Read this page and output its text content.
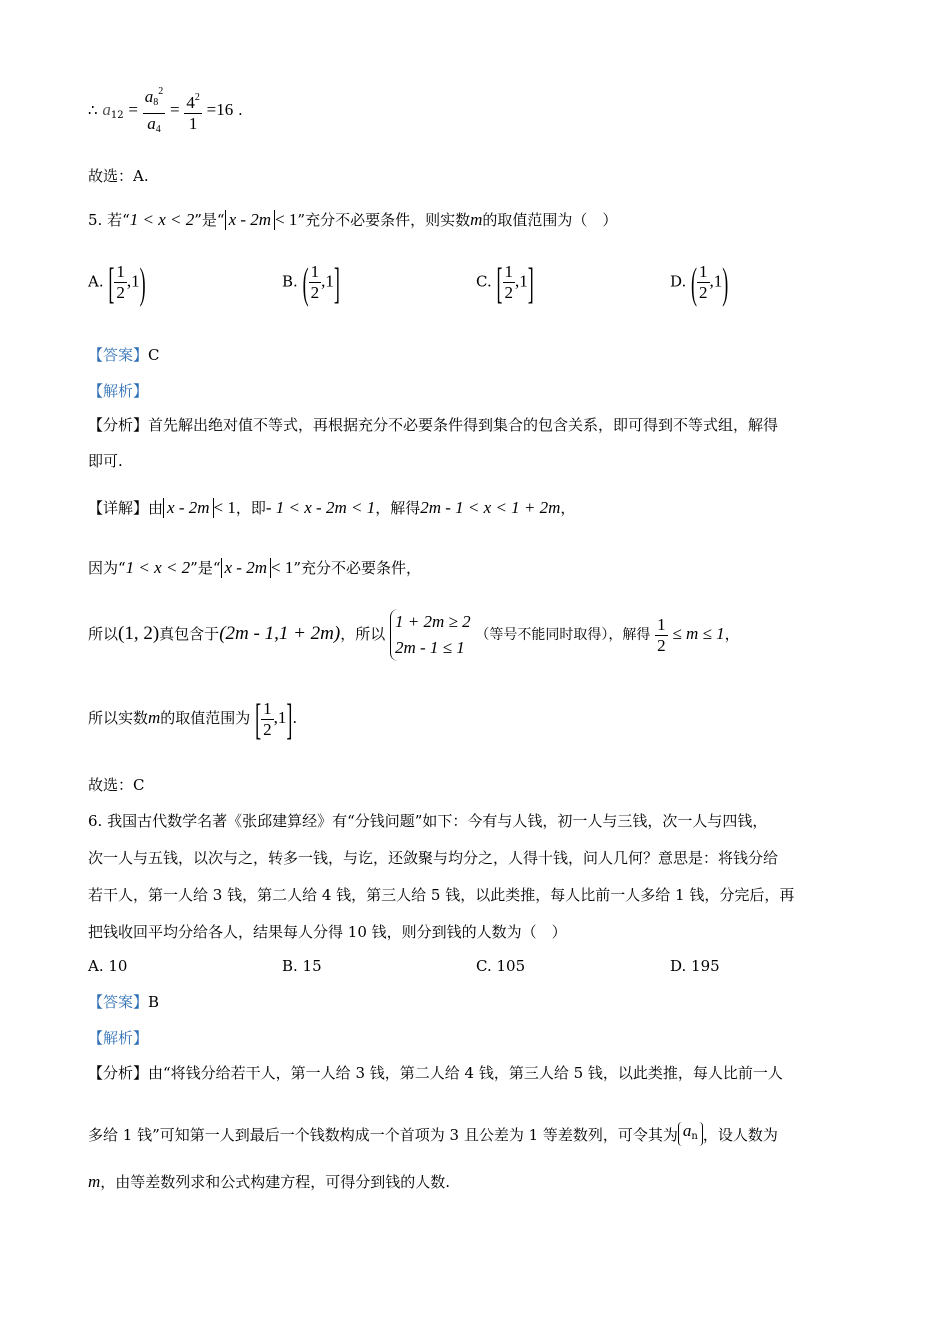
∴ $a_{12} = \frac{a_8^2}{a_4} = \frac{4^2}{1} =16$ .
故选：A.
5. 若“1 < x < 2”是“ x - 2m < 1”充分不必要条件，则实数m的取值范围为（　）
A. [ $\frac{1}{2} ,1$)	B. ( $\frac{1}{2} ,1$]	C. [ $\frac{1}{2} ,1$]	D. ( $\frac{1}{2} ,1$)
【答案】C
【解析】
【分析】首先解出绝对值不等式，再根据充分不必要条件得到集合的包含关系，即可得到不等式组，解得
即可.
【详解】由 x - 2m < 1，即- 1 < x - 2m < 1，解得2m - 1 < x < 1 + 2m，
因为“1 < x < 2”是“ x - 2m < 1”充分不必要条件，
所以(1, 2)真包含于(2m - 1,1 + 2m)，所以
1 + 2m ≥ 2
2m - 1 ≤ 1
（等号不能同时取得），解得 $\frac{1}{2} \le m \le 1$，
所以实数m的取值范围为 [ $\frac{1}{2} ,1$].
故选：C
6. 我国古代数学名著《张邱建算经》有“分钱问题”如下：今有与人钱，初一人与三钱，次一人与四钱，
次一人与五钱，以次与之，转多一钱，与讫，还敛聚与均分之，人得十钱，问人几何？意思是：将钱分给
若干人，第一人给 3 钱，第二人给 4 钱，第三人给 5 钱，以此类推，每人比前一人多给 1 钱，分完后，再
把钱收回平均分给各人，结果每人分得 10 钱，则分到钱的人数为（　）
A. 10	B. 15	C. 105	D. 195
【答案】B
【解析】
【分析】由“将钱分给若干人，第一人给 3 钱，第二人给 4 钱，第三人给 5 钱，以此类推，每人比前一人
多给 1 钱”可知第一人到最后一个钱数构成一个首项为 3 且公差为 1 等差数列，可令其为 $a_n$ ，设人数为
m，由等差数列求和公式构建方程，可得分到钱的人数.
